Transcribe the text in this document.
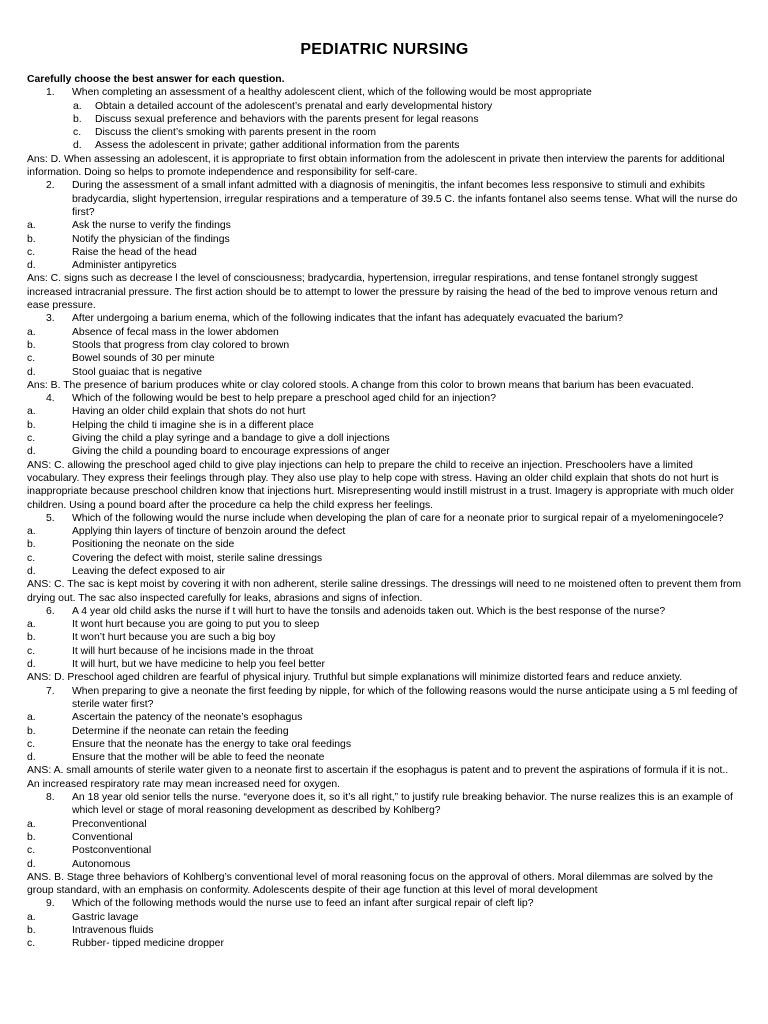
PEDIATRIC NURSING

Carefully choose the best answer for each question.

1. When completing an assessment of a healthy adolescent client, which of the following would be most appropriate

a. Obtain a detailed account of the adolescent’s prenatal and early developmental history

b. Discuss sexual preference and behaviors with the parents present for legal reasons

c. Discuss the client’s smoking with parents present in the room

d. Assess the adolescent in private; gather additional information from the parents

Ans: D. When assessing an adolescent, it is appropriate to first obtain information from the adolescent in private then interview the parents for additional information. Doing so helps to promote independence and responsibility for self-care.

2. During the assessment of a small infant admitted with a diagnosis of meningitis, the infant becomes less responsive to stimuli and exhibits bradycardia, slight hypertension, irregular respirations and a temperature of 39.5 C. the infants fontanel also seems tense. What will the nurse do first?

a.	Ask the nurse to verify the findings

b.	Notify the physician of the findings

c.	Raise the head of the head

d.	Administer antipyretics

Ans: C. signs such as decrease l the level of consciousness; bradycardia, hypertension, irregular respirations, and tense fontanel strongly suggest increased intracranial pressure. The first action should be to attempt to lower the pressure by raising the head of the bed to improve venous return and ease pressure.

3. After undergoing a barium enema, which of the following indicates that the infant has adequately evacuated the barium?

a.	Absence of fecal mass in the lower abdomen

b.	Stools that progress from clay colored to brown

c.	Bowel sounds of 30 per minute

d.	Stool guaiac that is negative

Ans: B. The presence of barium produces white or clay colored stools. A change from this color to brown means that barium has been evacuated.

4. Which of the following would be best to help prepare a preschool aged child for an injection?

a.	Having an older child explain that shots do not hurt

b.	Helping the child ti imagine she is in a different place

c.	Giving the child a play syringe and a bandage to give a doll injections

d.	Giving the child a pounding board to encourage expressions of anger

ANS: C. allowing the preschool aged child to give play injections can help to prepare the child to receive an injection. Preschoolers have a limited vocabulary. They express their feelings through play. They also use play to help cope with stress. Having an older child explain that shots do not hurt is inappropriate because preschool children know that injections hurt. Misrepresenting would instill mistrust in a trust. Imagery is appropriate with much older children. Using a pound board after the procedure ca help the child express her feelings.

5. Which of the following would the nurse include when developing the plan of care for a neonate prior to surgical repair of a myelomeningocele?

a.	Applying thin layers of tincture of benzoin around the defect

b.	Positioning the neonate on the side

c.	Covering the defect with moist, sterile saline dressings

d.	Leaving the defect exposed to air

ANS: C. The sac is kept moist by covering it with non adherent, sterile saline dressings. The dressings will need to ne moistened often to prevent them from drying out. The sac also inspected carefully for leaks, abrasions and signs of infection.

6. A 4 year old child asks the nurse if t will hurt to have the tonsils and adenoids taken out. Which is the best response of the nurse?

a.	It wont hurt because you are going to put you to sleep

b.	It won’t hurt because you are such a big boy

c.	It will hurt because of he incisions made in the throat

d.	It will hurt, but we have medicine to help you feel better

ANS: D. Preschool aged children are fearful of physical injury. Truthful but simple explanations will minimize distorted fears and reduce anxiety.

7. When preparing to give a neonate the first feeding by nipple, for which of the following reasons would the nurse anticipate using a 5 ml feeding of sterile water first?

a.	Ascertain the patency of the neonate’s esophagus

b.	Determine if the neonate can retain the feeding

c.	Ensure that the neonate has the energy to take oral feedings

d.	Ensure that the mother will be able to feed the neonate

ANS: A. small amounts of sterile water given to a neonate first to ascertain if the esophagus is patent and to prevent the aspirations of formula if it is not.. An increased respiratory rate may mean increased need for oxygen.

8. An 18 year old senior tells the nurse. “everyone does it, so it’s all right,” to justify rule breaking behavior. The nurse realizes this is an example of which level or stage of moral reasoning development as described by Kohlberg?

a.	Preconventional

b.	Conventional

c.	Postconventional

d.	Autonomous

ANS. B. Stage three behaviors of Kohlberg’s conventional level of moral reasoning focus on the approval of others. Moral dilemmas are solved by the group standard, with an emphasis on conformity. Adolescents despite of their age function at this level of moral development

9. Which of the following methods would the nurse use to feed an infant after surgical repair of cleft lip?

a.	Gastric lavage

b.	Intravenous fluids

c.	Rubber- tipped medicine dropper
